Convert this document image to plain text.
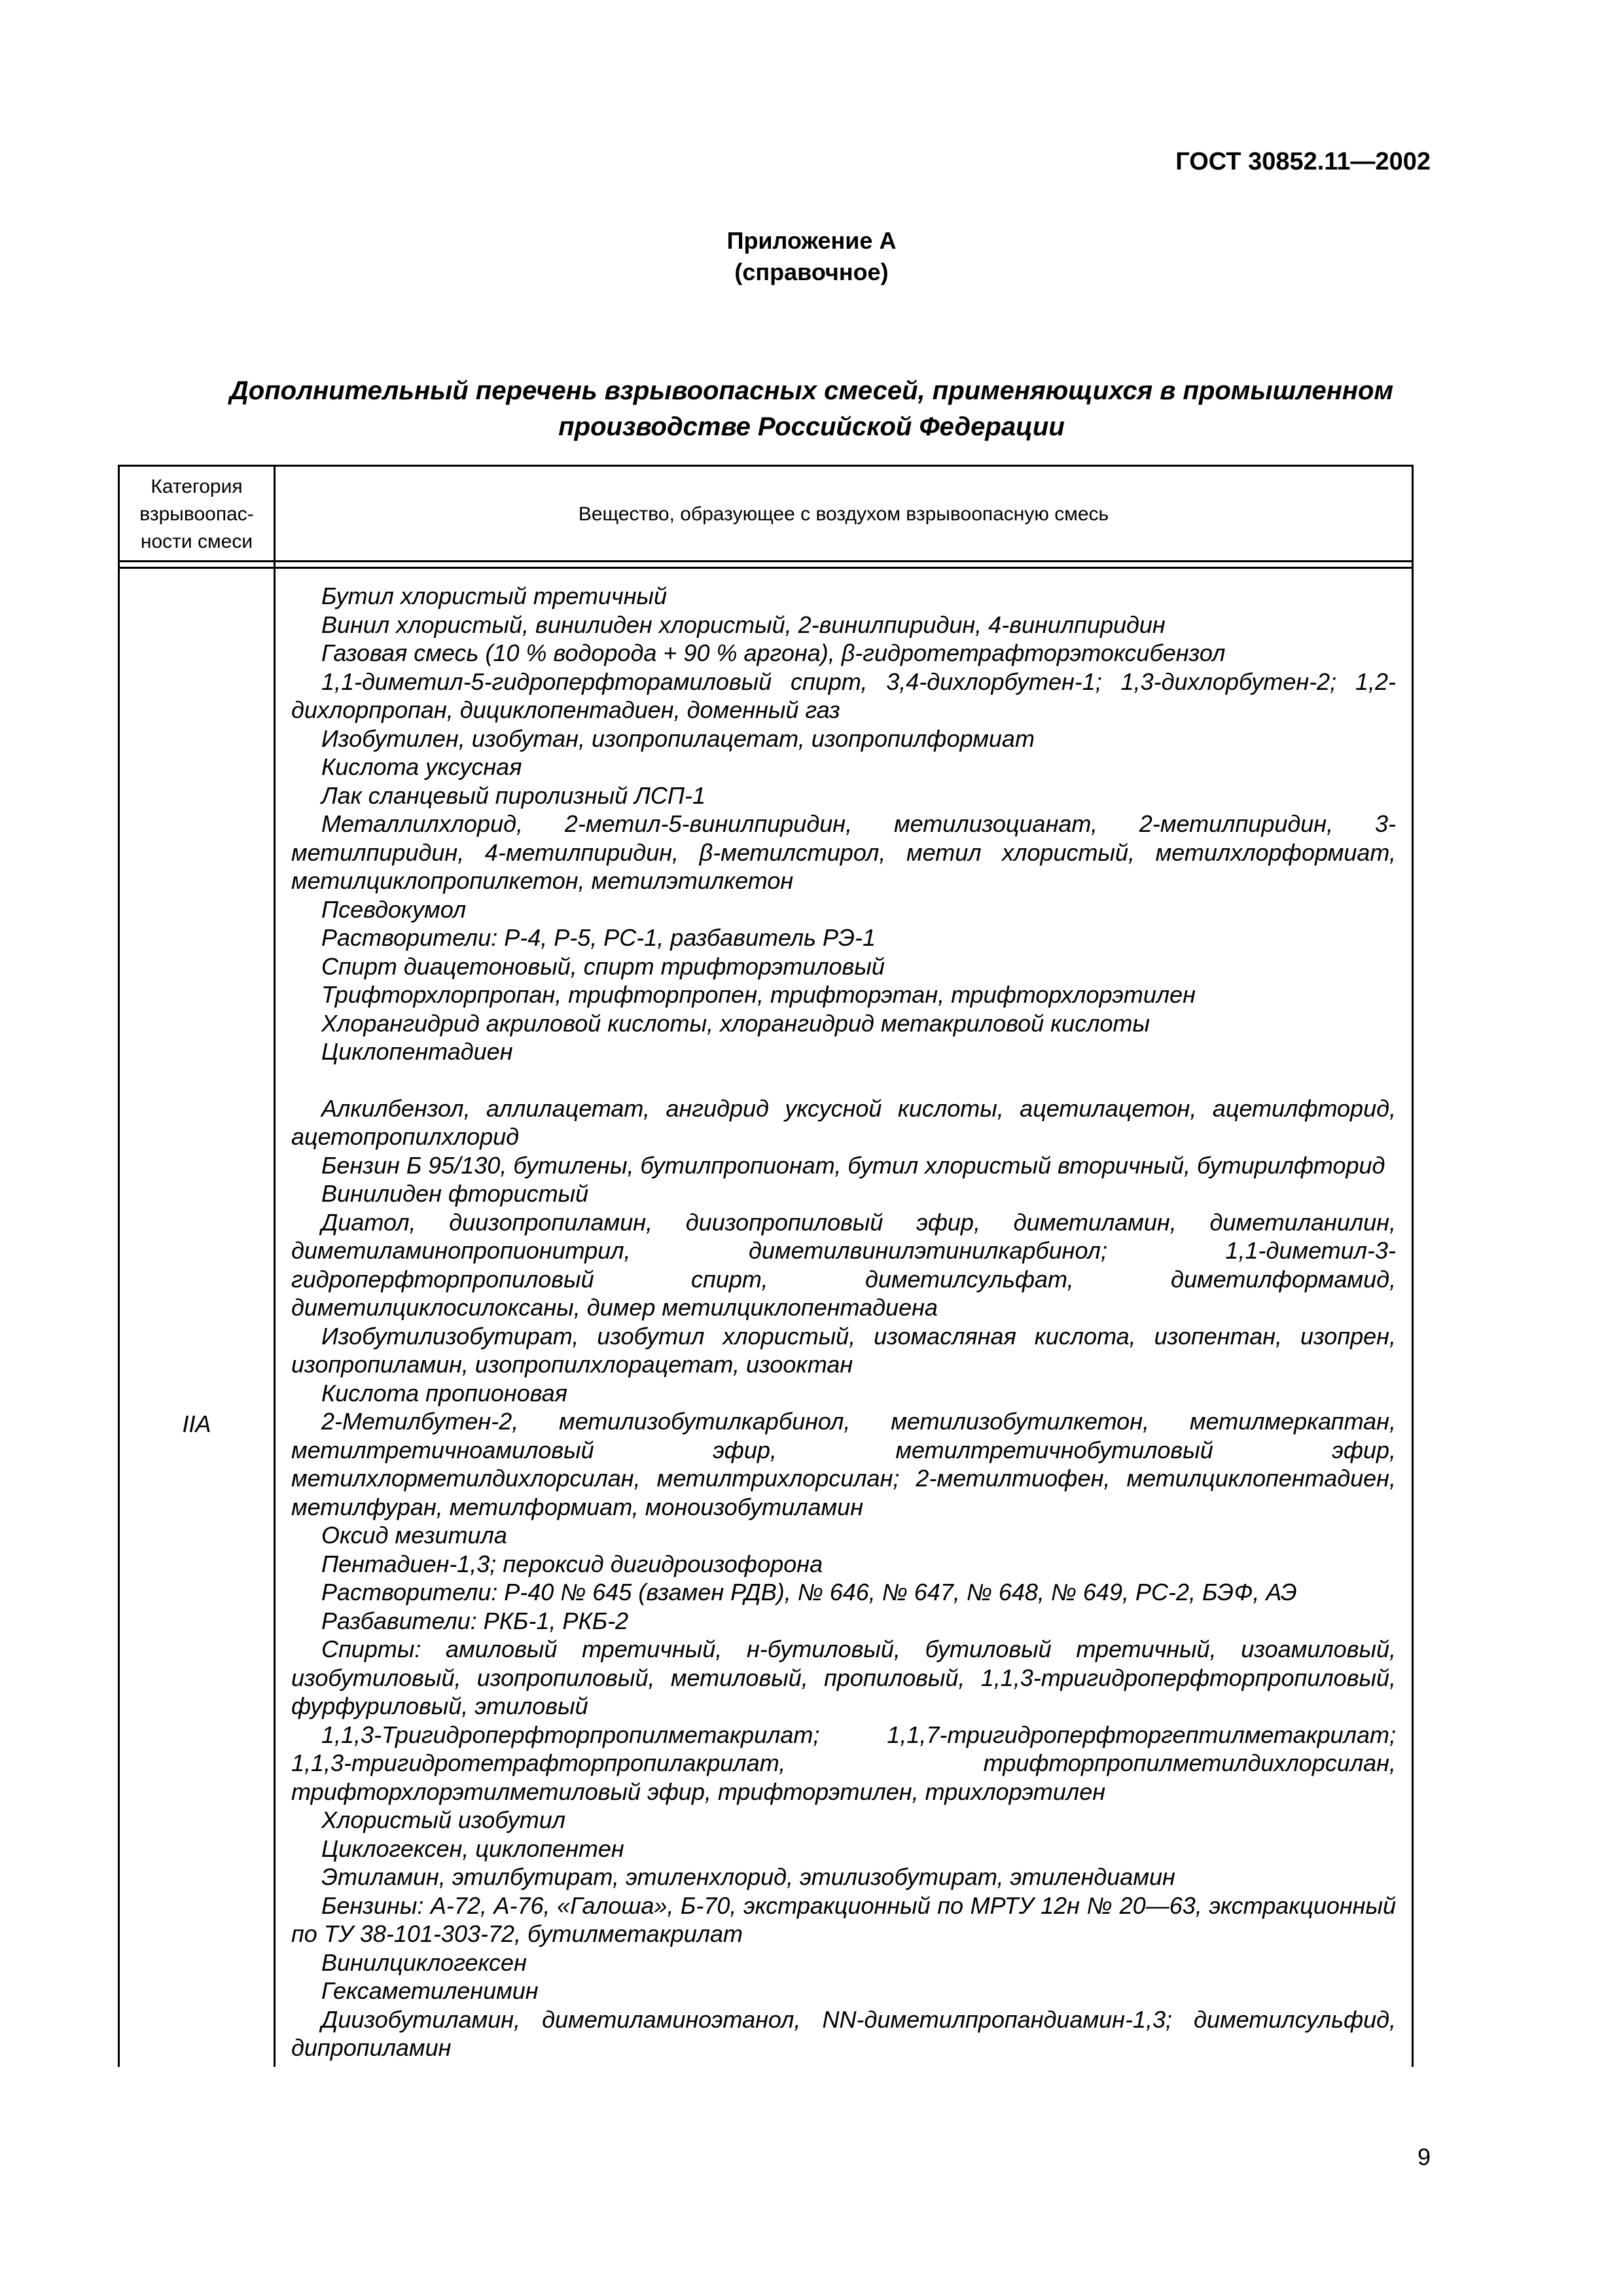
ГОСТ 30852.11—2002
Приложение А
(справочное)
Дополнительный перечень взрывоопасных смесей, применяющихся в промышленном производстве Российской Федерации
Категория взрывоопас-ности смеси
Вещество, образующее с воздухом взрывоопасную смесь
IIA
Бутил хлористый третичный
Винил хлористый, винилиден хлористый, 2-винилпиридин, 4-винилпиридин
Газовая смесь (10 % водорода + 90 % аргона), β-гидротетрафторэтоксибензол
1,1-диметил-5-гидроперфторамиловый спирт, 3,4-дихлорбутен-1; 1,3-дихлорбутен-2; 1,2-дихлорпропан, дициклопентадиен, доменный газ
Изобутилен, изобутан, изопропилацетат, изопропилформиат
Кислота уксусная
Лак сланцевый пиролизный ЛСП-1
Металлилхлорид, 2-метил-5-винилпиридин, метилизоцианат, 2-метилпиридин, 3-метилпиридин, 4-метилпиридин, β-метилстирол, метил хлористый, метилхлорформиат, метилциклопропилкетон, метилэтилкетон
Псевдокумол
Растворители: Р-4, Р-5, РС-1, разбавитель РЭ-1
Спирт диацетоновый, спирт трифторэтиловый
Трифторхлорпропан, трифторпропен, трифторэтан, трифторхлорэтилен
Хлорангидрид акриловой кислоты, хлорангидрид метакриловой кислоты
Циклопентадиен
Алкилбензол, аллилацетат, ангидрид уксусной кислоты, ацетилацетон, ацетилфторид, ацетопропилхлорид
Бензин Б 95/130, бутилены, бутилпропионат, бутил хлористый вторичный, бутирилфторид
Винилиден фтористый
Диатол, диизопропиламин, диизопропиловый эфир, диметиламин, диметиланилин, диметиламинопропионитрил, диметилвинилэтинилкарбинол; 1,1-диметил-3-гидроперфторпропиловый спирт, диметилсульфат, диметилформамид, диметилциклосилоксаны, димер метилциклопентадиена
Изобутилизобутират, изобутил хлористый, изомасляная кислота, изопентан, изопрен, изопропиламин, изопропилхлорацетат, изооктан
Кислота пропионовая
2-Метилбутен-2, метилизобутилкарбинол, метилизобутилкетон, метилмеркаптан, метилтретичноамиловый эфир, метилтретичнобутиловый эфир, метилхлорметилдихлорсилан, метилтрихлорсилан; 2-метилтиофен, метилциклопентадиен, метилфуран, метилформиат, моноизобутиламин
Оксид мезитила
Пентадиен-1,3; пероксид дигидроизофорона
Растворители: Р-40 № 645 (взамен РДВ), № 646, № 647, № 648, № 649, РС-2, БЭФ, АЭ
Разбавители: РКБ-1, РКБ-2
Спирты: амиловый третичный, н-бутиловый, бутиловый третичный, изоамиловый, изобутиловый, изопропиловый, метиловый, пропиловый, 1,1,3-тригидроперфторпропиловый, фурфуриловый, этиловый
1,1,3-Тригидроперфторпропилметакрилат; 1,1,7-тригидроперфторгептилметакрилат; 1,1,3-тригидротетрафторпропилакрилат, трифторпропилметилдихлорсилан, трифторхлорэтилметиловый эфир, трифторэтилен, трихлорэтилен
Хлористый изобутил
Циклогексен, циклопентен
Этиламин, этилбутират, этиленхлорид, этилизобутират, этилендиамин
Бензины: А-72, А-76, «Галоша», Б-70, экстракционный по МРТУ 12н № 20—63, экстракционный по ТУ 38-101-303-72, бутилметакрилат
Винилциклогексен
Гексаметиленимин
Диизобутиламин, диметиламиноэтанол, NN-диметилпропандиамин-1,3; диметилсульфид, дипропиламин
9
